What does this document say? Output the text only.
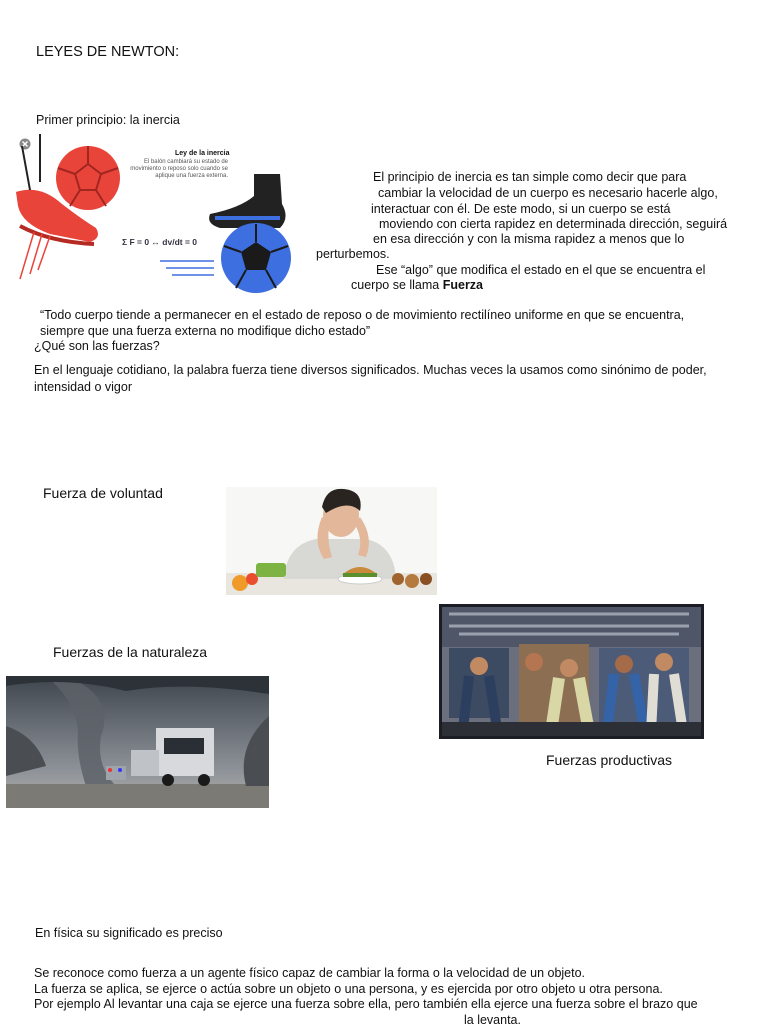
LEYES DE NEWTON:
Primer principio: la inercia
Ley de la inercia
El balón cambiará su estado de movimiento o reposo solo cuando se aplique una fuerza externa.
Σ F = 0 ↔ dv/dt = 0
El principio de inercia es tan simple como decir que para
cambiar la velocidad de un cuerpo es necesario hacerle algo,
interactuar con él. De este modo, si un cuerpo se está
moviendo con cierta rapidez en determinada dirección, seguirá
en esa dirección y con la misma rapidez a menos que lo
perturbemos.
Ese “algo” que modifica el estado en el que se encuentra el
cuerpo se llama Fuerza
“Todo cuerpo tiende a permanecer en el estado de reposo o de movimiento rectilíneo uniforme en que se encuentra,
siempre que una fuerza externa no modifique dicho estado”
¿Qué son las fuerzas?
En el lenguaje cotidiano, la palabra fuerza tiene diversos significados. Muchas veces la usamos como sinónimo de poder,
intensidad o vigor
Fuerza de voluntad
Fuerzas de la naturaleza
Fuerzas productivas
En física su significado es preciso
Se reconoce como fuerza a un agente físico capaz de cambiar la forma o la velocidad de un objeto.
La fuerza se aplica, se ejerce o actúa sobre un objeto o una persona, y es ejercida por otro objeto u otra persona.
Por ejemplo Al levantar una caja se ejerce una fuerza sobre ella, pero también ella ejerce una fuerza sobre el brazo que
la levanta.
